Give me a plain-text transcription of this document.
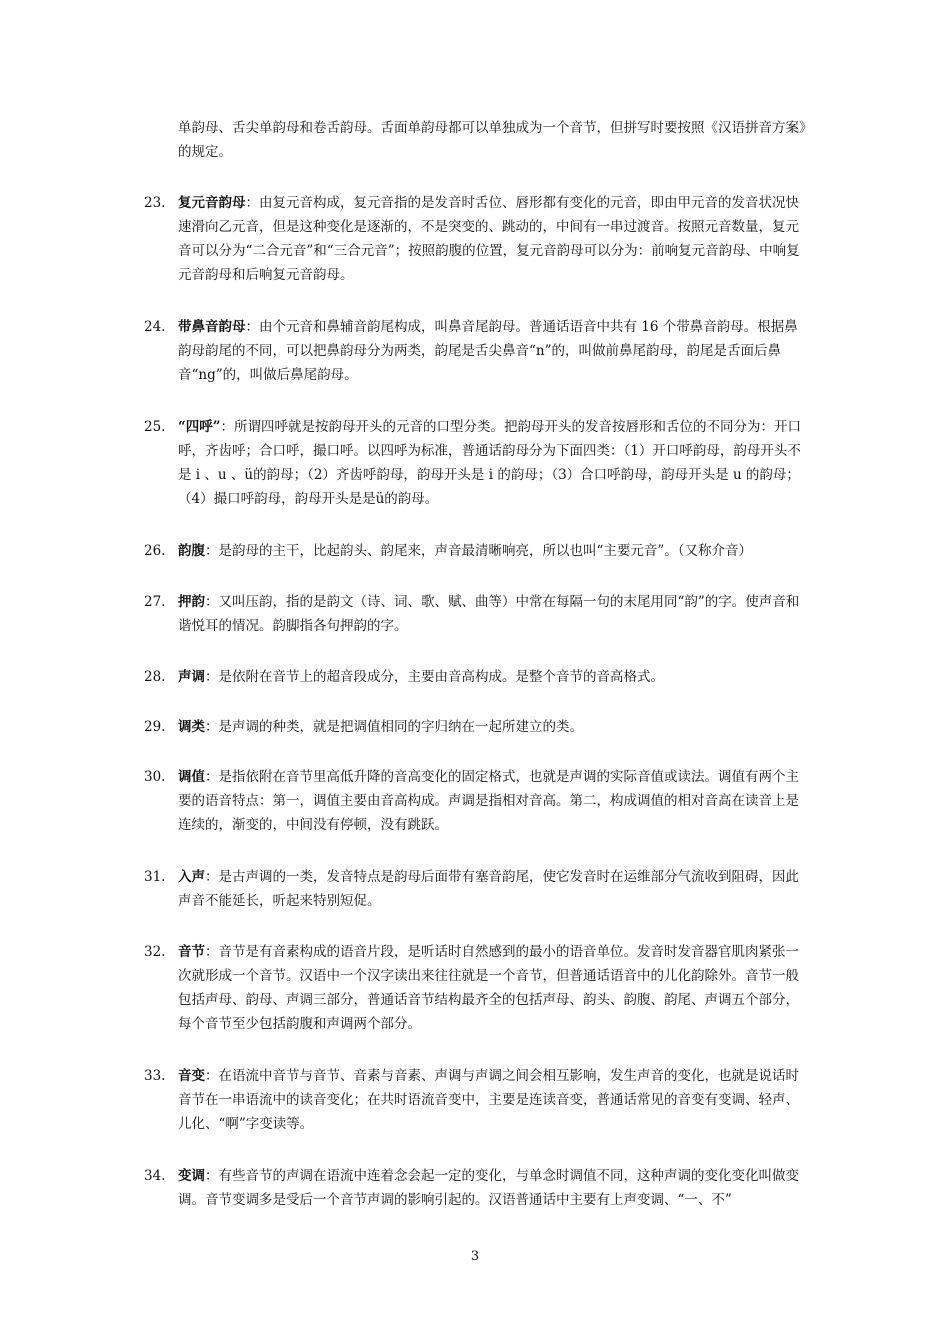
单韵母、舌尖单韵母和卷舌韵母。舌面单韵母都可以单独成为一个音节，但拼写时要按照《汉语拼音方案》的规定。
23. 复元音韵母：由复元音构成，复元音指的是发音时舌位、唇形都有变化的元音，即由甲元音的发音状况快速滑向乙元音，但是这种变化是逐渐的，不是突变的、跳动的，中间有一串过渡音。按照元音数量，复元音可以分为“二合元音”和“三合元音”；按照韵腹的位置，复元音韵母可以分为：前响复元音韵母、中响复元音韵母和后响复元音韵母。
24. 带鼻音韵母：由个元音和鼻辅音韵尾构成，叫鼻音尾韵母。普通话语音中共有 16 个带鼻音韵母。根据鼻韵母韵尾的不同，可以把鼻韵母分为两类，韵尾是舌尖鼻音“n”的，叫做前鼻尾韵母，韵尾是舌面后鼻音“ng”的，叫做后鼻尾韵母。
25. “四呼”：所谓四呼就是按韵母开头的元音的口型分类。把韵母开头的发音按唇形和舌位的不同分为：开口呼，齐齿呼；合口呼，撮口呼。以四呼为标准，普通话韵母分为下面四类：（1）开口呼韵母，韵母开头不是 i 、u 、ü的韵母；（2）齐齿呼韵母，韵母开头是 i 的韵母；（3）合口呼韵母，韵母开头是 u 的韵母；（4）撮口呼韵母，韵母开头是是ü的韵母。
26. 韵腹：是韵母的主干，比起韵头、韵尾来，声音最清晰响亮，所以也叫“主要元音”。（又称介音）
27. 押韵：又叫压韵，指的是韵文（诗、词、歌、赋、曲等）中常在每隔一句的末尾用同“韵”的字。使声音和谐悦耳的情况。韵脚指各句押韵的字。
28. 声调：是依附在音节上的超音段成分，主要由音高构成。是整个音节的音高格式。
29. 调类：是声调的种类，就是把调值相同的字归纳在一起所建立的类。
30. 调值：是指依附在音节里高低升降的音高变化的固定格式，也就是声调的实际音值或读法。调值有两个主要的语音特点：第一，调值主要由音高构成。声调是指相对音高。第二，构成调值的相对音高在读音上是连续的，渐变的，中间没有停顿，没有跳跃。
31. 入声：是古声调的一类，发音特点是韵母后面带有塞音韵尾，使它发音时在运维部分气流收到阻碍，因此声音不能延长，听起来特别短促。
32. 音节：音节是有音素构成的语音片段，是听话时自然感到的最小的语音单位。发音时发音器官肌肉紧张一次就形成一个音节。汉语中一个汉字读出来往往就是一个音节，但普通话语音中的儿化韵除外。音节一般包括声母、韵母、声调三部分，普通话音节结构最齐全的包括声母、韵头、韵腹、韵尾、声调五个部分，每个音节至少包括韵腹和声调两个部分。
33. 音变：在语流中音节与音节、音素与音素、声调与声调之间会相互影响，发生声音的变化，也就是说话时音节在一串语流中的读音变化；在共时语流音变中，主要是连读音变，普通话常见的音变有变调、轻声、儿化、“啊”字变读等。
34. 变调：有些音节的声调在语流中连着念会起一定的变化，与单念时调值不同，这种声调的变化变化叫做变调。音节变调多是受后一个音节声调的影响引起的。汉语普通话中主要有上声变调、“一、不”
3
